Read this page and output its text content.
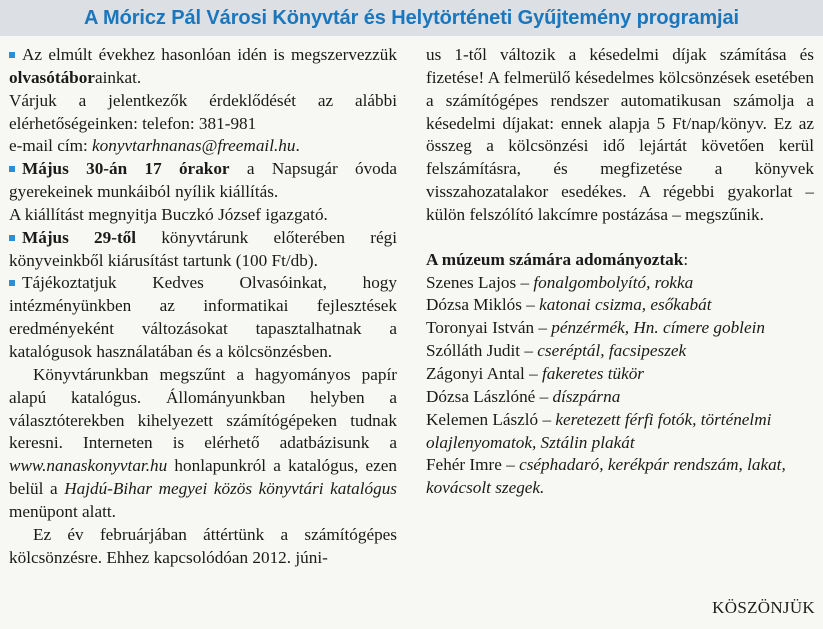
A Móricz Pál Városi Könyvtár és Helytörténeti Gyűjtemény programjai

Az elmúlt évekhez hasonlóan idén is megszervezzük olvasótáborainkat.

Várjuk a jelentkezők érdeklődését az alábbi elérhetőségeinken: telefon: 381-981

e-mail cím: konyvtarhnanas@freemail.hu.

Május 30-án 17 órakor a Napsugár óvoda gyerekeinek munkáiból nyílik kiállítás.

A kiállítást megnyitja Buczkó József igazgató.

Május 29-től könyvtárunk előterében régi könyveinkből kiárusítást tartunk (100 Ft/db).

Tájékoztatjuk Kedves Olvasóinkat, hogy intézményünkben az informatikai fejlesztések eredményeként változásokat tapasztalhatnak a katalógusok használatában és a kölcsönzésben.

Könyvtárunkban megszűnt a hagyományos papír alapú katalógus. Állományunkban helyben a választóterekben kihelyezett számítógépeken tudnak keresni. Interneten is elérhető adatbázisunk a www.nanaskonyvtar.hu honlapunkról a katalógus, ezen belül a Hajdú-Bihar megyei közös könyvtári katalógus menüpont alatt.

Ez év februárjában áttértünk a számítógépes kölcsönzésre. Ehhez kapcsolódóan 2012. júni-

us 1-től változik a késedelmi díjak számítása és fizetése! A felmerülő késedelmes kölcsönzések esetében a számítógépes rendszer automatikusan számolja a késedelmi díjakat: ennek alapja 5 Ft/nap/könyv. Ez az összeg a kölcsönzési idő lejártát követően kerül felszámításra, és megfizetése a könyvek visszahozatalakor esedékes. A régebbi gyakorlat – külön felszólító lakcímre postázása – megszűnik.

A múzeum számára adományoztak:

Szenes Lajos – fonalgombolyító, rokka

Dózsa Miklós – katonai csizma, esőkabát

Toronyai István – pénzérmék, Hn. címere goblein

Szólláth Judit – cseréptál, facsipeszek

Zágonyi Antal – fakeretes tükör

Dózsa Lászlóné – díszpárna

Kelemen László – keretezett férfi fotók, történelmi olajlenyomatok, Sztálin plakát

Fehér Imre – cséphadaró, kerékpár rendszám, lakat, kovácsolt szegek.

KÖSZÖNJÜK
